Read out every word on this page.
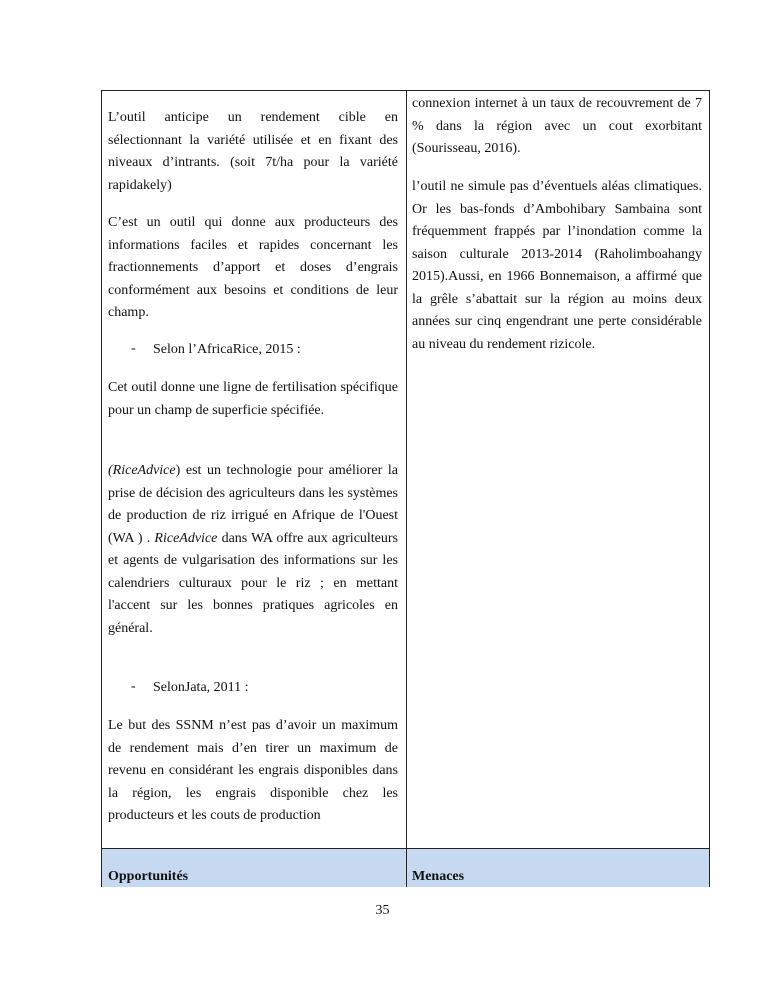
L’outil anticipe un rendement cible en sélectionnant la variété utilisée et en fixant des niveaux d’intrants. (soit 7t/ha pour la variété rapidakely)

C’est un outil qui donne aux producteurs des informations faciles et rapides concernant les fractionnements d’apport et doses d’engrais conformément aux besoins et conditions de leur champ.

- Selon l’AfricaRice, 2015 :

Cet outil donne une ligne de fertilisation spécifique pour un champ de superficie spécifiée.

(RiceAdvice) est un technologie pour améliorer la prise de décision des agriculteurs dans les systèmes de production de riz irrigué en Afrique de l'Ouest (WA ) . RiceAdvice dans WA offre aux agriculteurs et agents de vulgarisation des informations sur les calendriers culturaux pour le riz ; en mettant l'accent sur les bonnes pratiques agricoles en général.

- SelonJata, 2011 :

Le but des SSNM n’est pas d’avoir un maximum de rendement mais d’en tirer un maximum de revenu en considérant les engrais disponibles dans la région, les engrais disponible chez les producteurs et les couts de production

connexion internet à un taux de recouvrement de 7 % dans la région avec un cout exorbitant (Sourisseau, 2016).

l’outil ne simule pas d’éventuels aléas climatiques. Or les bas-fonds d’Ambohibary Sambaina sont fréquemment frappés par l’inondation comme la saison culturale 2013-2014 (Raholimboahangy 2015).Aussi, en 1966 Bonnemaison, a affirmé que la grêle s’abattait sur la région au moins deux années sur cinq engendrant une perte considérable au niveau du rendement rizicole.

Opportunités	Menaces
35
